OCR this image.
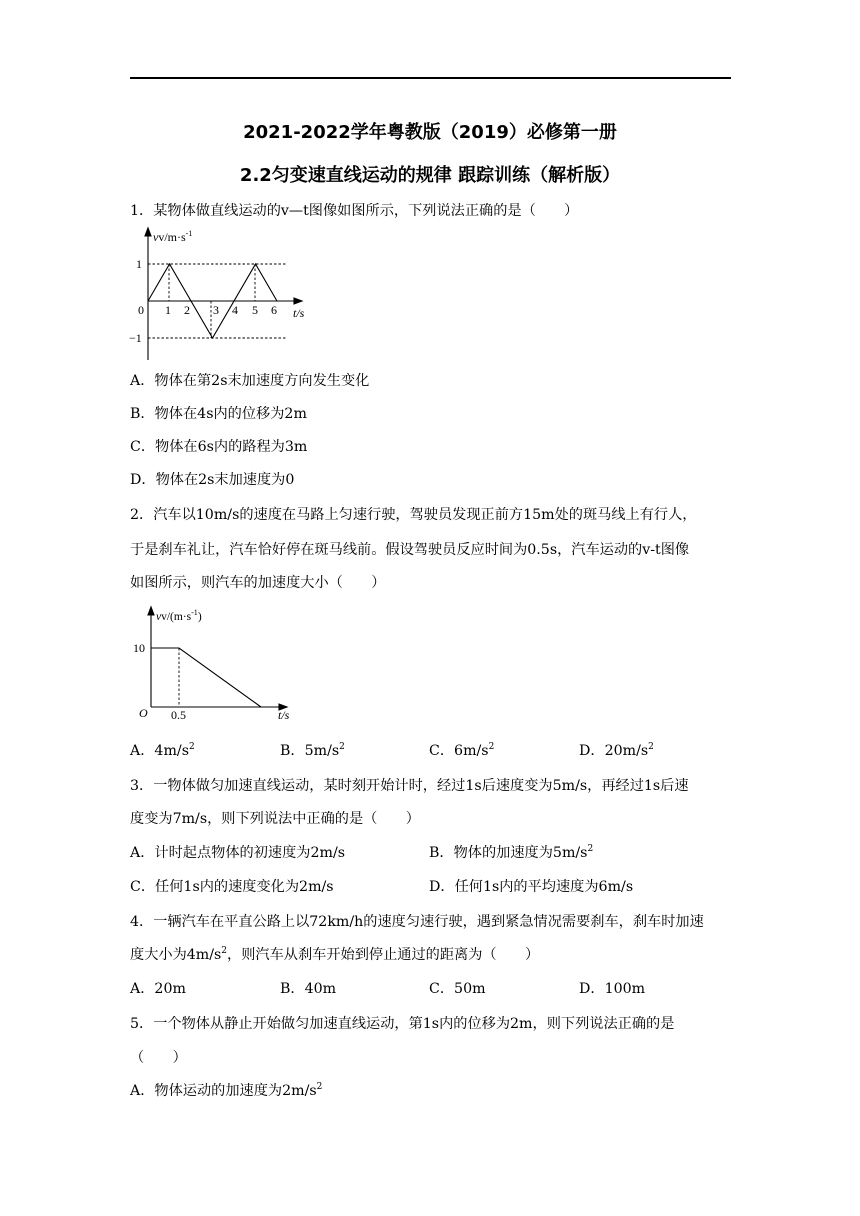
2021-2022学年粤教版（2019）必修第一册
2.2匀变速直线运动的规律 跟踪训练（解析版）
1．某物体做直线运动的v—t图像如图所示，下列说法正确的是（　　）
$vv/m\cdot s^{-1}$
1
−1
0 1 2 3 4 5 6 t/s
A．物体在第2s末加速度方向发生变化
B．物体在4s内的位移为2m
C．物体在6s内的路程为3m
D．物体在2s末加速度为0
2．汽车以10m/s的速度在马路上匀速行驶，驾驶员发现正前方15m处的斑马线上有行人，
于是刹车礼让，汽车恰好停在斑马线前。假设驾驶员反应时间为0.5s，汽车运动的v-t图像
如图所示，则汽车的加速度大小（　　）
$vv/(m\cdot s^{-1})$
10
O 0.5	t/s
A．$4m/s^2$	B．$5m/s^2$	C．$6m/s^2$	D．$20m/s^2$
3．一物体做匀加速直线运动，某时刻开始计时，经过1s后速度变为5m/s，再经过1s后速
度变为7m/s，则下列说法中正确的是（　　）
A．计时起点物体的初速度为2m/s	B．物体的加速度为$5m/s^2$
C．任何1s内的速度变化为2m/s	D．任何1s内的平均速度为6m/s
4．一辆汽车在平直公路上以72km/h的速度匀速行驶，遇到紧急情况需要刹车，刹车时加速
度大小为$4m/s^2$，则汽车从刹车开始到停止通过的距离为（　　）
A．20m	B．40m	C．50m	D．100m
5．一个物体从静止开始做匀加速直线运动，第1s内的位移为2m，则下列说法正确的是
（　　）
A．物体运动的加速度为$2m/s^2$
